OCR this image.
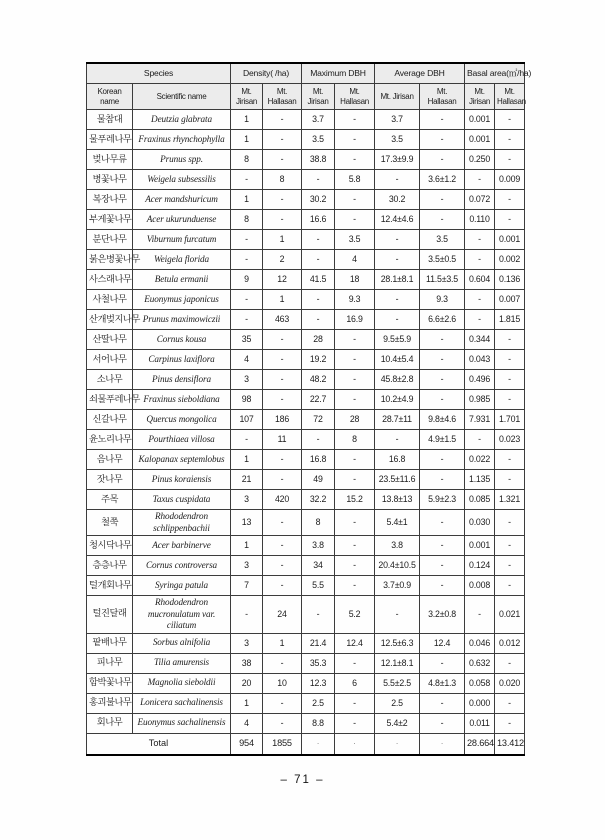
Species		Density( /ha)		Maximum DBH		Average DBH		Basal area(㎡/ha)	
Korean name	Scientific name	Mt. Jirisan	Mt. Hallasan	Mt. Jirisan	Mt. Hallasan	Mt. Jirisan	Mt. Hallasan	Mt. Jirisan	Mt. Hallasan
물참대	Deutzia glabrata	1	-	3.7	-	3.7	-	0.001	-
물푸레나무	Fraxinus rhynchophylla	1	-	3.5	-	3.5	-	0.001	-
벚나무류	Prunus spp.	8	-	38.8	-	17.3±9.9	-	0.250	-
병꽃나무	Weigela subsessilis	-	8	-	5.8	-	3.6±1.2	-	0.009
복장나무	Acer mandshuricum	1	-	30.2	-	30.2	-	0.072	-
부게꽃나무	Acer ukurunduense	8	-	16.6	-	12.4±4.6	-	0.110	-
분단나무	Viburnum furcatum	-	1	-	3.5	-	3.5	-	0.001
붉은병꽃나무	Weigela florida	-	2	-	4	-	3.5±0.5	-	0.002
사스래나무	Betula ermanii	9	12	41.5	18	28.1±8.1	11.5±3.5	0.604	0.136
사철나무	Euonymus japonicus	-	1	-	9.3	-	9.3	-	0.007
산개벚지나무	Prunus maximowiczii	-	463	-	16.9	-	6.6±2.6	-	1.815
산딸나무	Cornus kousa	35	-	28	-	9.5±5.9	-	0.344	-
서어나무	Carpinus laxiflora	4	-	19.2	-	10.4±5.4	-	0.043	-
소나무	Pinus densiflora	3	-	48.2	-	45.8±2.8	-	0.496	-
쇠물푸레나무	Fraxinus sieboldiana	98	-	22.7	-	10.2±4.9	-	0.985	-
신갈나무	Quercus mongolica	107	186	72	28	28.7±11	9.8±4.6	7.931	1.701
윤노리나무	Pourthiaea villosa	-	11	-	8	-	4.9±1.5	-	0.023
음나무	Kalopanax septemlobus	1	-	16.8	-	16.8	-	0.022	-
잣나무	Pinus koraiensis	21	-	49	-	23.5±11.6	-	1.135	-
주목	Taxus cuspidata	3	420	32.2	15.2	13.8±13	5.9±2.3	0.085	1.321
철쭉	Rhododendron schlippenbachii	13	-	8	-	5.4±1	-	0.030	-
청시닥나무	Acer barbinerve	1	-	3.8	-	3.8	-	0.001	-
층층나무	Cornus controversa	3	-	34	-	20.4±10.5	-	0.124	-
털개회나무	Syringa patula	7	-	5.5	-	3.7±0.9	-	0.008	-
털진달래	Rhododendron mucronulatum var. ciliatum	-	24	-	5.2	-	3.2±0.8	-	0.021
팥배나무	Sorbus alnifolia	3	1	21.4	12.4	12.5±6.3	12.4	0.046	0.012
피나무	Tilia amurensis	38	-	35.3	-	12.1±8.1	-	0.632	-
함박꽃나무	Magnolia sieboldii	20	10	12.3	6	5.5±2.5	4.8±1.3	0.058	0.020
홍괴불나무	Lonicera sachalinensis	1	-	2.5	-	2.5	-	0.000	-
회나무	Euonymus sachalinensis	4	-	8.8	-	5.4±2	-	0.011	-
Total		954	1855	·	·	·	·	28.664	13.412
– 71 –
